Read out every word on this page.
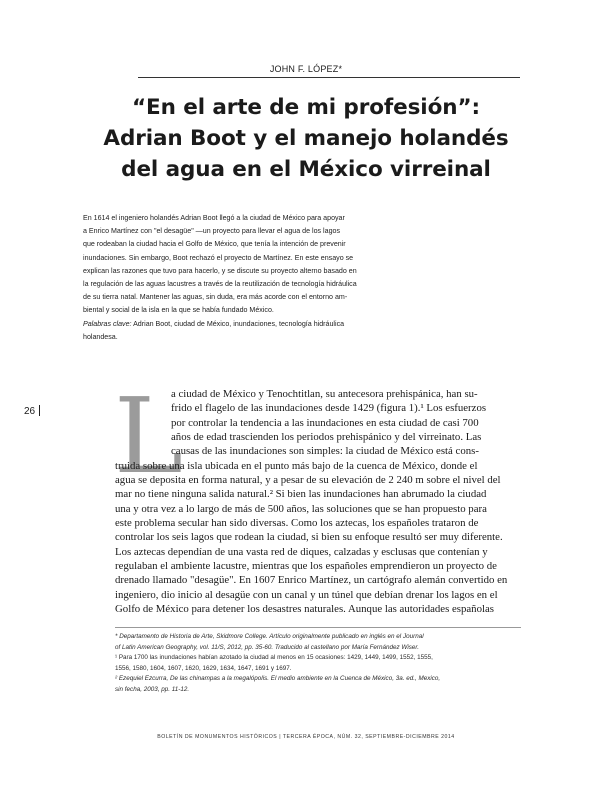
JOHN F. LÓPEZ*
“En el arte de mi profesión”:
Adrian Boot y el manejo holandés
del agua en el México virreinal
En 1614 el ingeniero holandés Adrian Boot llegó a la ciudad de México para apoyar
a Enrico Martínez con "el desagüe" —un proyecto para llevar el agua de los lagos
que rodeaban la ciudad hacia el Golfo de México, que tenía la intención de prevenir
inundaciones. Sin embargo, Boot rechazó el proyecto de Martínez. En este ensayo se
explican las razones que tuvo para hacerlo, y se discute su proyecto alterno basado en
la regulación de las aguas lacustres a través de la reutilización de tecnología hidráulica
de su tierra natal. Mantener las aguas, sin duda, era más acorde con el entorno am-
biental y social de la isla en la que se había fundado México.
Palabras clave: Adrian Boot, ciudad de México, inundaciones, tecnología hidráulica
holandesa.
26 L
a ciudad de México y Tenochtitlan, su antecesora prehispánica, han su-
frido el flagelo de las inundaciones desde 1429 (figura 1).¹ Los esfuerzos
por controlar la tendencia a las inundaciones en esta ciudad de casi 700
años de edad trascienden los periodos prehispánico y del virreinato. Las
causas de las inundaciones son simples: la ciudad de México está cons-
truida sobre una isla ubicada en el punto más bajo de la cuenca de México, donde el
agua se deposita en forma natural, y a pesar de su elevación de 2 240 m sobre el nivel del
mar no tiene ninguna salida natural.² Si bien las inundaciones han abrumado la ciudad
una y otra vez a lo largo de más de 500 años, las soluciones que se han propuesto para
este problema secular han sido diversas. Como los aztecas, los españoles trataron de
controlar los seis lagos que rodean la ciudad, si bien su enfoque resultó ser muy diferente.
Los aztecas dependían de una vasta red de diques, calzadas y esclusas que contenían y
regulaban el ambiente lacustre, mientras que los españoles emprendieron un proyecto de
drenado llamado "desagüe". En 1607 Enrico Martínez, un cartógrafo alemán convertido en
ingeniero, dio inicio al desagüe con un canal y un túnel que debían drenar los lagos en el
Golfo de México para detener los desastres naturales. Aunque las autoridades españolas
* Departamento de Historia de Arte, Skidmore College. Artículo originalmente publicado en inglés en el Journal
of Latin American Geography, vol. 11/S, 2012, pp. 35-60. Traducido al castellano por María Fernández Wiser.
¹ Para 1700 las inundaciones habían azotado la ciudad al menos en 15 ocasiones: 1429, 1449, 1499, 1552, 1555,
1556, 1580, 1604, 1607, 1620, 1629, 1634, 1647, 1691 y 1697.
² Ezequiel Ezcurra, De las chinampas a la megalópolis. El medio ambiente en la Cuenca de México, 3a. ed., Mexico,
sin fecha, 2003, pp. 11-12.
BOLETÍN DE MONUMENTOS HISTÓRICOS | TERCERA ÉPOCA, NÚM. 32, SEPTIEMBRE-DICIEMBRE 2014
